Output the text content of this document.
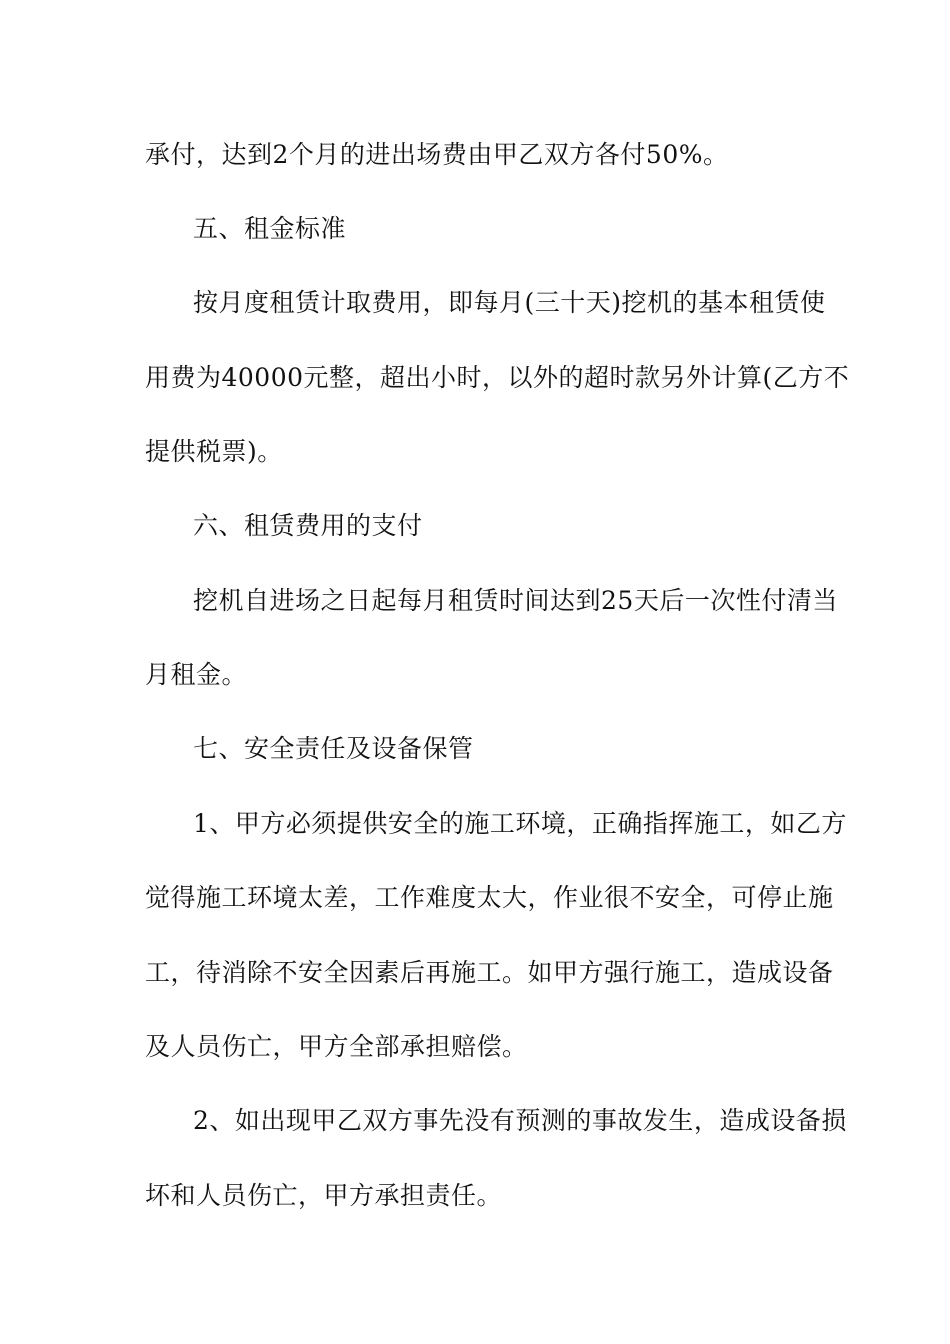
承付，达到2个月的进出场费由甲乙双方各付50%。
五、租金标准
按月度租赁计取费用，即每月(三十天)挖机的基本租赁使
用费为40000元整，超出小时，以外的超时款另外计算(乙方不
提供税票)。
六、租赁费用的支付
挖机自进场之日起每月租赁时间达到25天后一次性付清当
月租金。
七、安全责任及设备保管
1、甲方必须提供安全的施工环境，正确指挥施工，如乙方
觉得施工环境太差，工作难度太大，作业很不安全，可停止施
工，待消除不安全因素后再施工。如甲方强行施工，造成设备
及人员伤亡，甲方全部承担赔偿。
2、如出现甲乙双方事先没有预测的事故发生，造成设备损
坏和人员伤亡，甲方承担责任。
